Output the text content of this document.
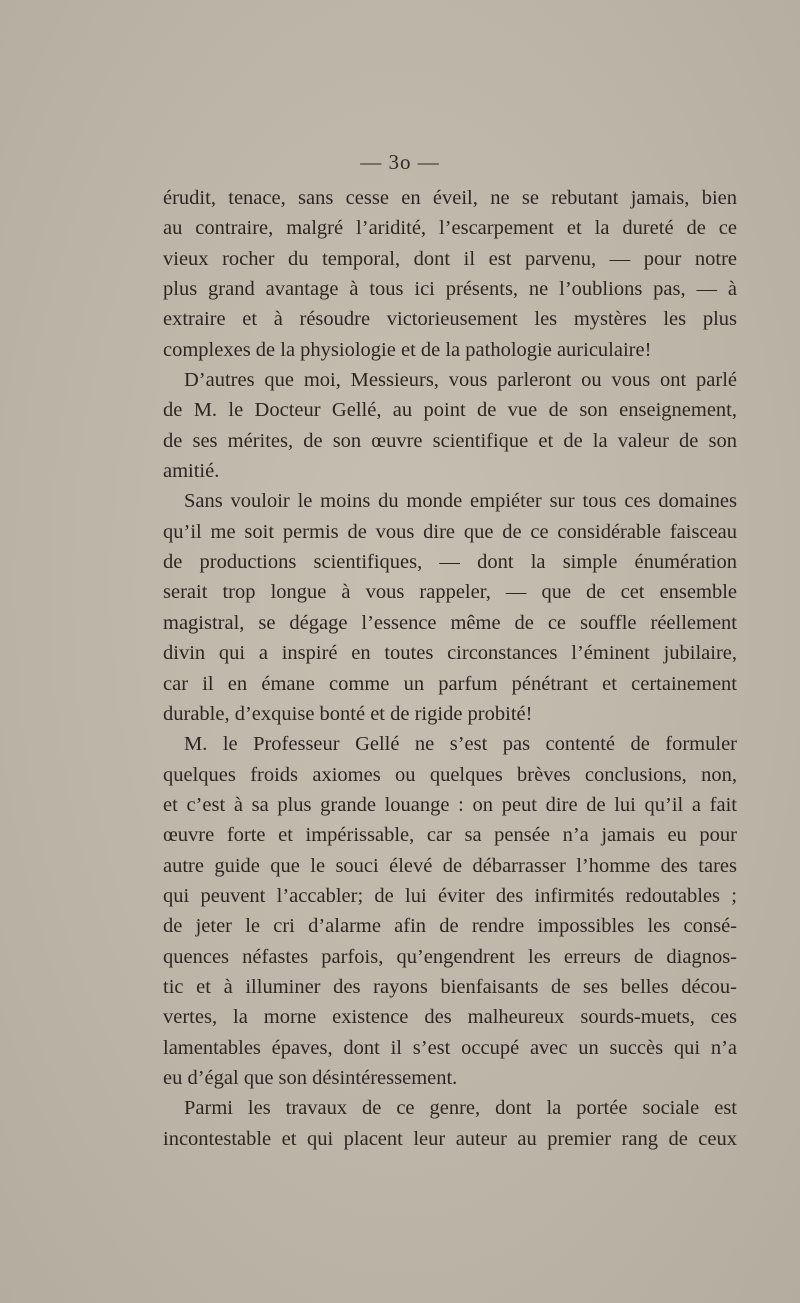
— 3o —
érudit, tenace, sans cesse en éveil, ne se rebutant jamais, bien
au contraire, malgré l’aridité, l’escarpement et la dureté de ce
vieux rocher du temporal, dont il est parvenu, — pour notre
plus grand avantage à tous ici présents, ne l’oublions pas, — à
extraire et à résoudre victorieusement les mystères les plus
complexes de la physiologie et de la pathologie auriculaire!
D’autres que moi, Messieurs, vous parleront ou vous ont parlé
de M. le Docteur Gellé, au point de vue de son enseignement,
de ses mérites, de son œuvre scientifique et de la valeur de son
amitié.
Sans vouloir le moins du monde empiéter sur tous ces domaines
qu’il me soit permis de vous dire que de ce considérable faisceau
de productions scientifiques, — dont la simple énumération
serait trop longue à vous rappeler, — que de cet ensemble
magistral, se dégage l’essence même de ce souffle réellement
divin qui a inspiré en toutes circonstances l’éminent jubilaire,
car il en émane comme un parfum pénétrant et certainement
durable, d’exquise bonté et de rigide probité!
M. le Professeur Gellé ne s’est pas contenté de formuler
quelques froids axiomes ou quelques brèves conclusions, non,
et c’est à sa plus grande louange : on peut dire de lui qu’il a fait
œuvre forte et impérissable, car sa pensée n’a jamais eu pour
autre guide que le souci élevé de débarrasser l’homme des tares
qui peuvent l’accabler; de lui éviter des infirmités redoutables ;
de jeter le cri d’alarme afin de rendre impossibles les consé-
quences néfastes parfois, qu’engendrent les erreurs de diagnos-
tic et à illuminer des rayons bienfaisants de ses belles décou-
vertes, la morne existence des malheureux sourds-muets, ces
lamentables épaves, dont il s’est occupé avec un succès qui n’a
eu d’égal que son désintéressement.
Parmi les travaux de ce genre, dont la portée sociale est
incontestable et qui placent leur auteur au premier rang de ceux
